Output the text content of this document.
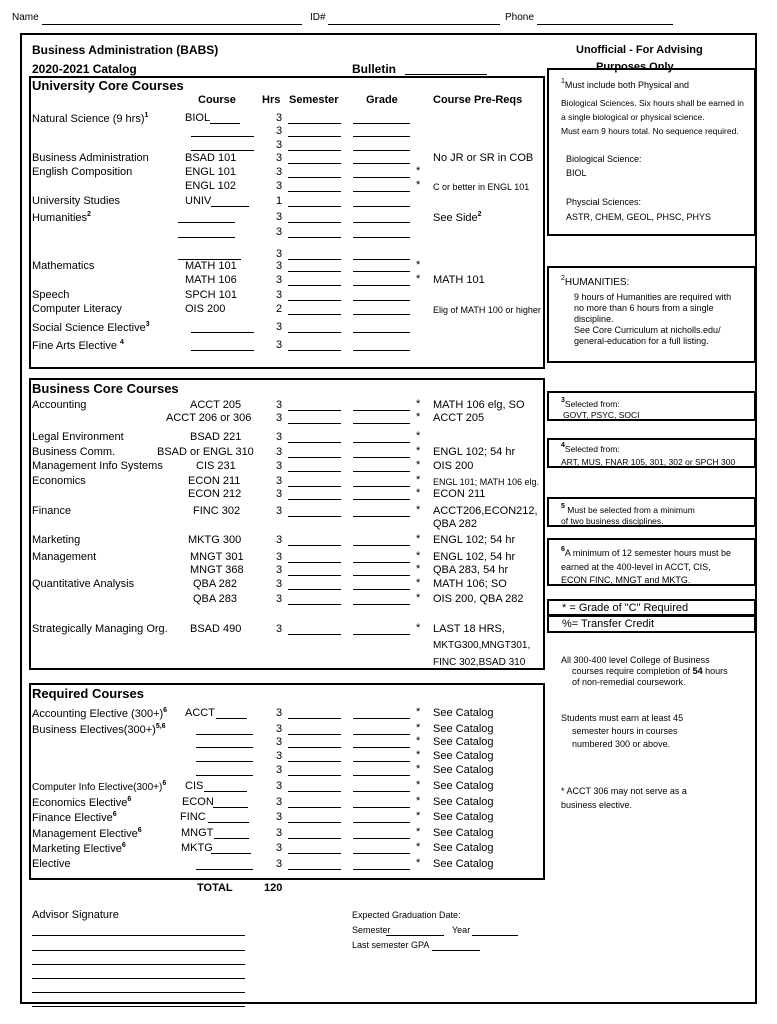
Name	ID#	Phone
Business Administration (BABS)
2020-2021 Catalog	Bulletin
Unofficial - For Advising
Purposes Only
$^1$Must include both Physical and
Biological Sciences. Six hours shall be earned in
a single biological or physical science.
Must earn 9 hours total. No sequence required.
Biological Science:
BIOL
Physcial Sciences:
ASTR, CHEM, GEOL, PHSC, PHYS
$^2$HUMANITIES:
9 hours of Humanities are required with
no more than 6 hours from a single
discipline.
See Core Curriculum at nicholls.edu/
general-education for a full listing.
$^3$Selected from:
GOVT, PSYC, SOCI
$^4$Selected from:
ART, MUS, FNAR 105, 301, 302 or SPCH 300
$^5$ Must be selected from a minimum
of two business disciplines.
$^6$A minimum of 12 semester hours must be
earned at the 400-level in ACCT, CIS,
ECON FINC, MNGT and MKTG.
* = Grade of "C" Required
%= Transfer Credit
All 300-400 level College of Business
courses require completion of 54 hours
of non-remedial coursework.
Students must earn at least 45
semester hours in courses
numbered 300 or above.
* ACCT 306 may not serve as a
business elective.
University Core Courses
Business Core Courses
Required Courses
Course Hrs Semester Grade	Course Pre-Reqs
Natural Science (9 hrs)$^1$	BIOL	3
3
3
Business Administration	BSAD 101	3	No JR or SR in COB
English Composition	ENGL 101	3	*
ENGL 102	3	* C or better in ENGL 101
University Studies	UNIV	1
Humanities$^2$	3	See Side$^2$
3
3
Mathematics	MATH 101	3	*
MATH 106	3	* MATH 101
Speech	SPCH 101	3
Computer Literacy	OIS 200	2	Elig of MATH 100 or higher
Social Science Elective$^3$	3
Fine Arts Elective $^4$	3
Accounting	ACCT 205	3	* MATH 106 elg, SO
ACCT 206 or 306 3	* ACCT 205
Legal Environment	BSAD 221	3	*
Business Comm.	BSAD or ENGL 310 3	* ENGL 102; 54 hr
Management Info Systems	CIS 231	3	* OIS 200
Economics	ECON 211	3	* ENGL 101; MATH 106 elg.
ECON 212	3	* ECON 211
Finance	FINC 302	3	* ACCT206,ECON212,
QBA 282
Marketing	MKTG 300	3	* ENGL 102; 54 hr
Management	MNGT 301	3	* ENGL 102, 54 hr
MNGT 368	3	* QBA 283, 54 hr
Quantitative Analysis	QBA 282	3	* MATH 106; SO
QBA 283	3	* OIS 200, QBA 282
Strategically Managing Org. BSAD 490	3	* LAST 18 HRS,
MKTG300,MNGT301,
FINC 302,BSAD 310
Accounting Elective $(300+)^6$ ACCT	3	* See Catalog
Business $Electives(300+)^{5,6}$	3	* See Catalog
3	* See Catalog
3	* See Catalog
3	* See Catalog
Computer Info $Elective(300+)^6$ CIS	3	* See Catalog
Economics Elective$^6$	ECON	3	* See Catalog
Finance Elective$^6$	FINC	3	* See Catalog
Management Elective$^6$	MNGT	3	* See Catalog
Marketing Elective$^6$	MKTG	3	* See Catalog
Elective	3	* See Catalog
TOTAL	120
Advisor Signature	Expected Graduation Date:
Semester	Year
Last semester GPA
